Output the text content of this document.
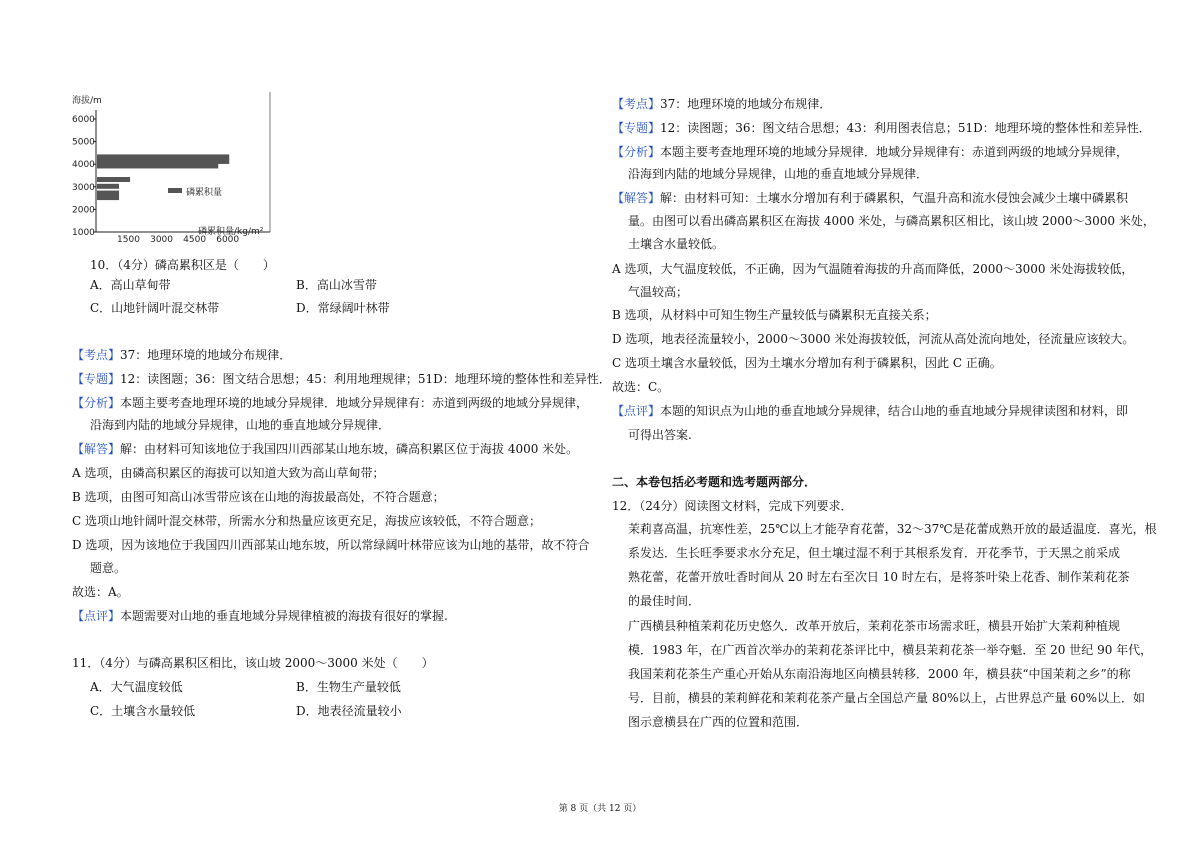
海拔/m
6000
5000
4000
3000
2000
1000
1500 3000 4500 6000
磷累积量
磷累积量/kg/m²
10．（4分）磷高累积区是（　　）
A．高山草甸带	B．高山冰雪带
C．山地针阔叶混交林带	D．常绿阔叶林带
【考点】37：地理环境的地域分布规律．
【专题】12：读图题；36：图文结合思想；45：利用地理规律；51D：地理环境的整体性和差异性．
【分析】本题主要考查地理环境的地域分异规律．地域分异规律有：赤道到两级的地域分异规律，
沿海到内陆的地域分异规律，山地的垂直地域分异规律．
【解答】解：由材料可知该地位于我国四川西部某山地东坡，磷高积累区位于海拔 4000 米处。
A 选项，由磷高积累区的海拔可以知道大致为高山草甸带；
B 选项，由图可知高山冰雪带应该在山地的海拔最高处，不符合题意；
C 选项山地针阔叶混交林带，所需水分和热量应该更充足，海拔应该较低，不符合题意；
D 选项，因为该地位于我国四川西部某山地东坡，所以常绿阔叶林带应该为山地的基带，故不符合
题意。
故选：A。
【点评】本题需要对山地的垂直地域分异规律植被的海拔有很好的掌握.
11．（4分）与磷高累积区相比，该山坡 2000～3000 米处（　　）
A．大气温度较低	B．生物生产量较低
C．土壤含水量较低	D．地表径流量较小
【考点】37：地理环境的地域分布规律．
【专题】12：读图题；36：图文结合思想；43：利用图表信息；51D：地理环境的整体性和差异性．
【分析】本题主要考查地理环境的地域分异规律．地域分异规律有：赤道到两级的地域分异规律，
沿海到内陆的地域分异规律，山地的垂直地域分异规律．
【解答】解：由材料可知：土壤水分增加有利于磷累积，气温升高和流水侵蚀会减少土壤中磷累积
量。由图可以看出磷高累积区在海拔 4000 米处，与磷高累积区相比，该山坡 2000～3000 米处，
土壤含水量较低。
A 选项，大气温度较低，不正确，因为气温随着海拔的升高而降低，2000～3000 米处海拔较低，
气温较高；
B 选项，从材料中可知生物生产量较低与磷累积无直接关系；
D 选项，地表径流量较小，2000～3000 米处海拔较低，河流从高处流向地处，径流量应该较大。
C 选项土壤含水量较低，因为土壤水分增加有利于磷累积，因此 C 正确。
故选：C。
【点评】本题的知识点为山地的垂直地域分异规律，结合山地的垂直地域分异规律读图和材料，即
可得出答案.
二、本卷包括必考题和选考题两部分．
12．（24分）阅读图文材料，完成下列要求．
茉莉喜高温，抗寒性差，25℃以上才能孕育花蕾，32～37℃是花蕾成熟开放的最适温度．喜光，根
系发达．生长旺季要求水分充足，但土壤过湿不利于其根系发育．开花季节，于天黑之前采成
熟花蕾，花蕾开放吐香时间从 20 时左右至次日 10 时左右，是将茶叶染上花香、制作茉莉花茶
的最佳时间．
广西横县种植茉莉花历史悠久．改革开放后，茉莉花茶市场需求旺，横县开始扩大茉莉种植规
模．1983 年，在广西首次举办的茉莉花茶评比中，横县茉莉花茶一举夺魁．至 20 世纪 90 年代，
我国茉莉花茶生产重心开始从东南沿海地区向横县转移．2000 年，横县获“中国茉莉之乡”的称
号．目前，横县的茉莉鲜花和茉莉花茶产量占全国总产量 80%以上，占世界总产量 60%以上．如
图示意横县在广西的位置和范围．
第 8 页（共 12 页）
